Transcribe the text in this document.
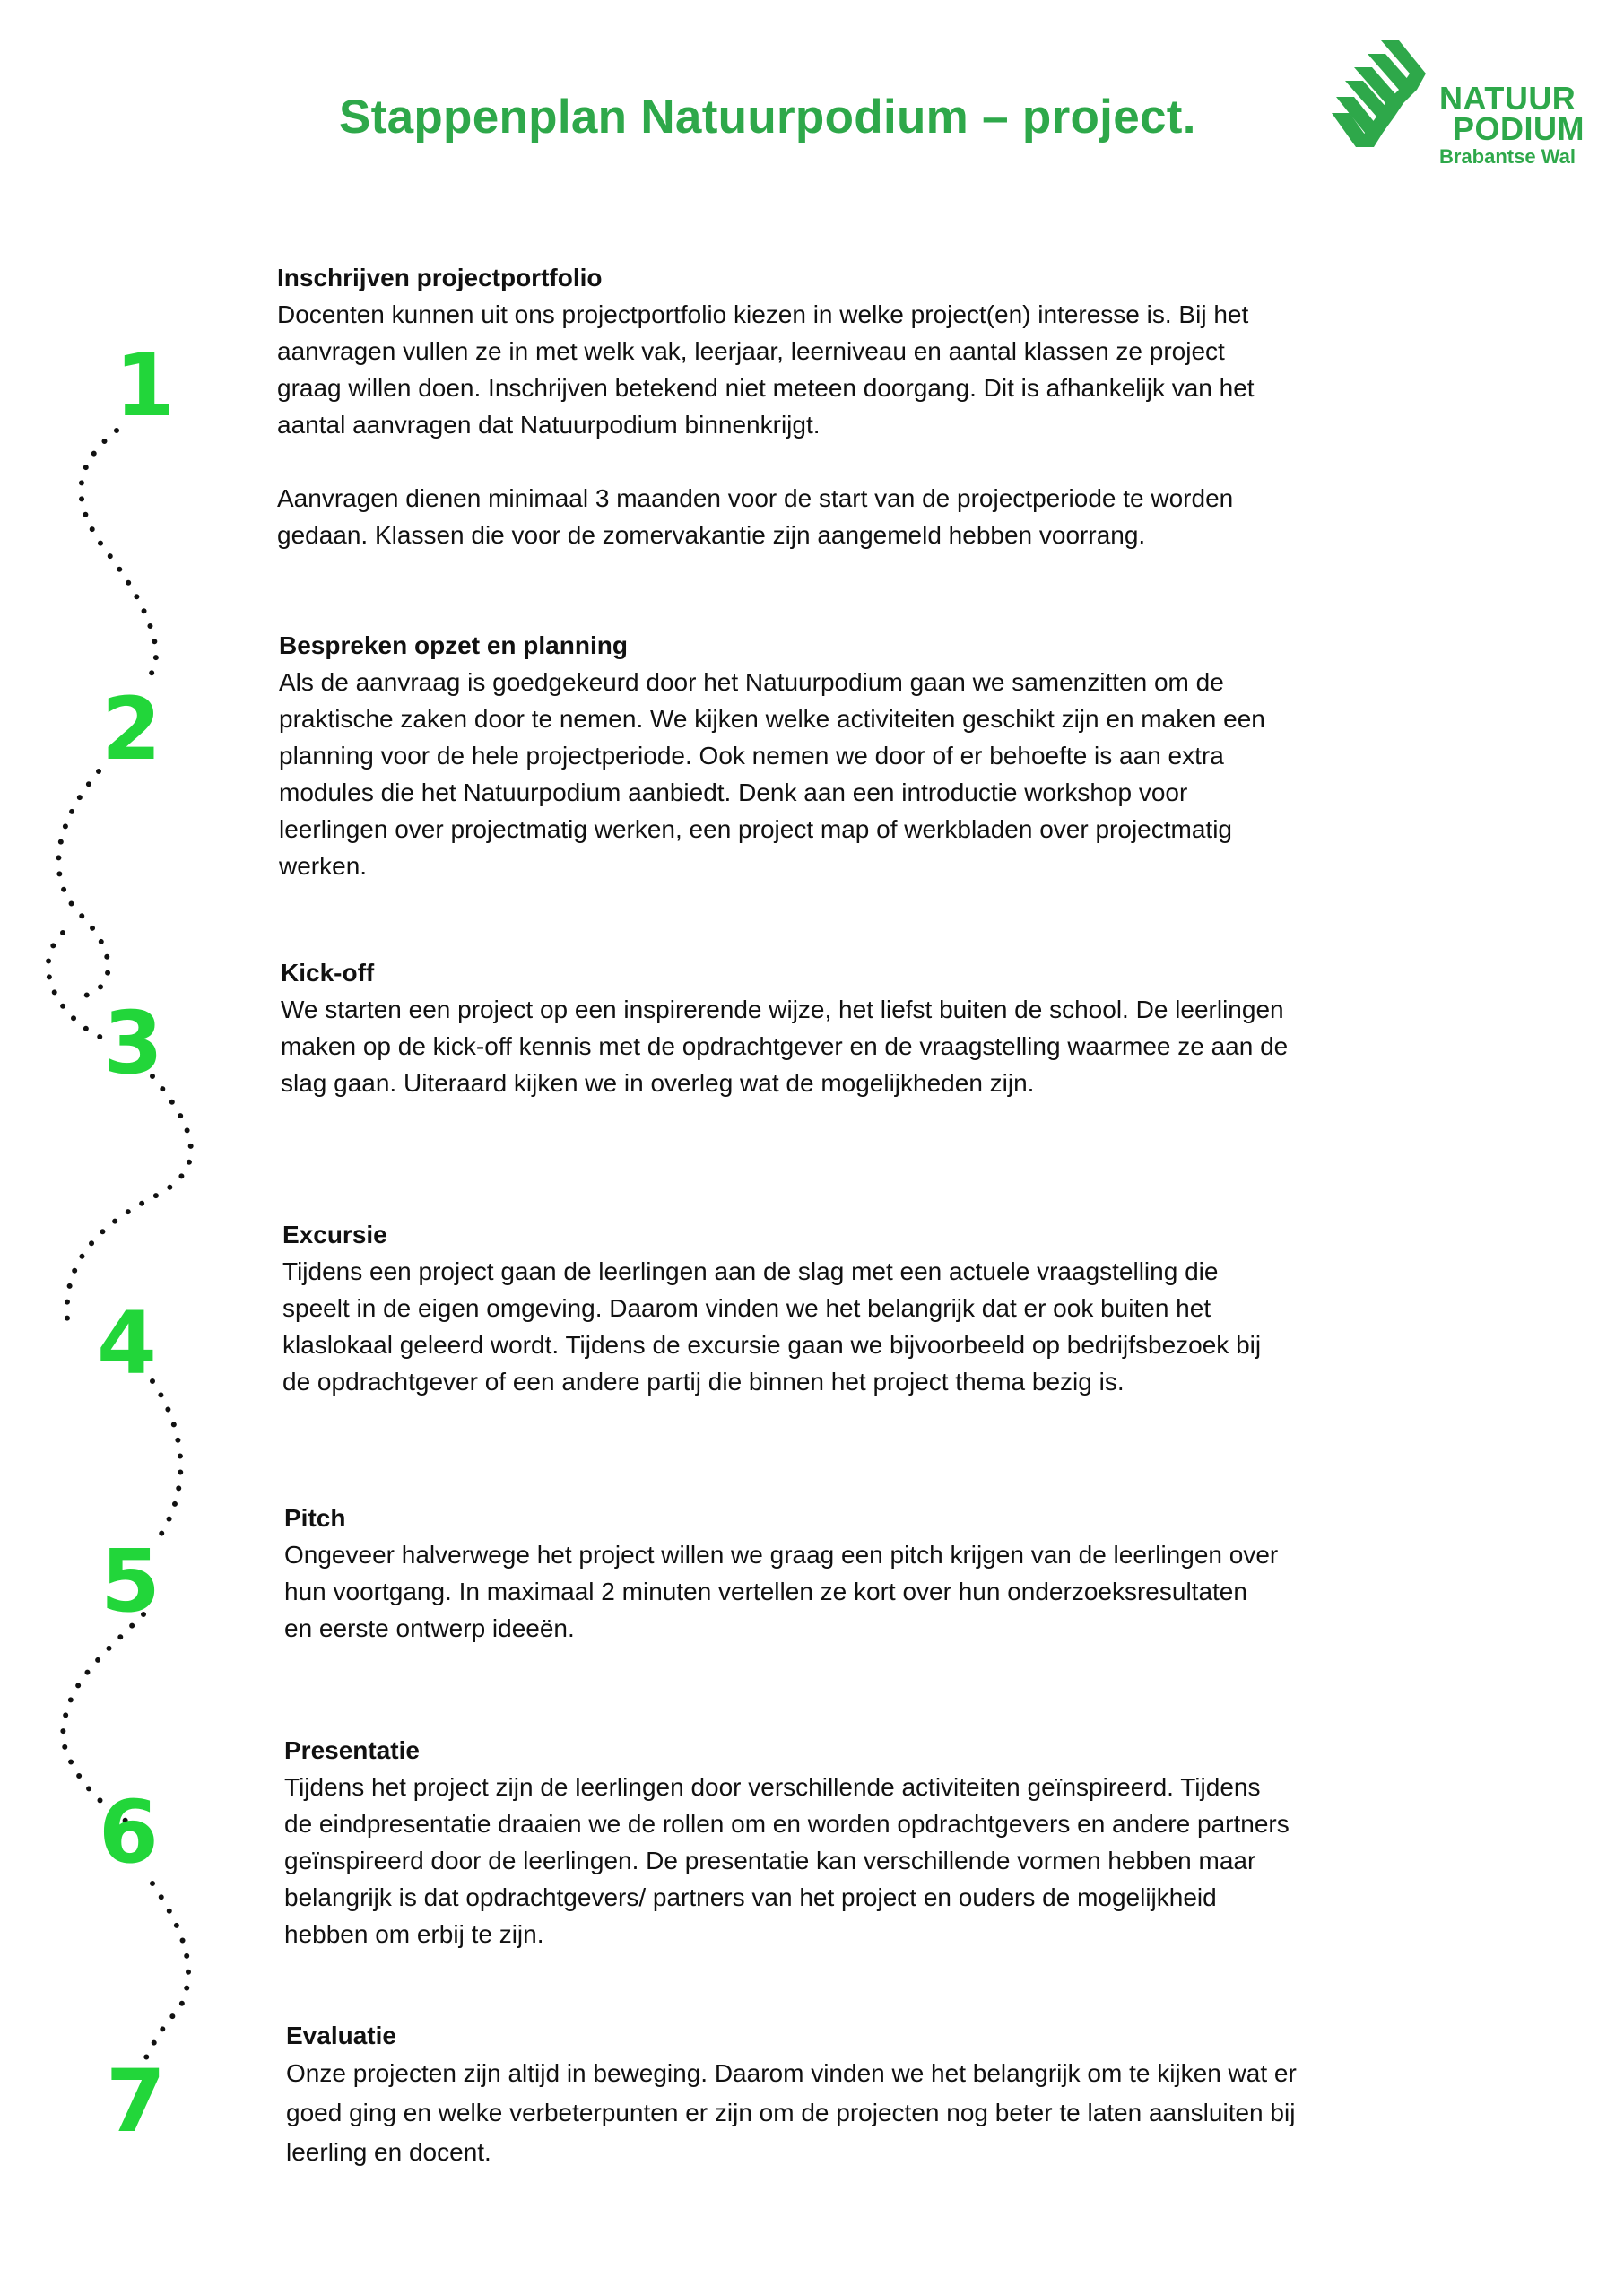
Stappenplan Natuurpodium – project.	NATUUR
PODIUM
Brabantse Wal
1
2
3
4
5
6
7

Inschrijven projectportfolio

Docenten kunnen uit ons projectportfolio kiezen in welke project(en) interesse is. Bij het
aanvragen vullen ze in met welk vak, leerjaar, leerniveau en aantal klassen ze project
graag willen doen. Inschrijven betekend niet meteen doorgang. Dit is afhankelijk van het
aantal aanvragen dat Natuurpodium binnenkrijgt.

Aanvragen dienen minimaal 3 maanden voor de start van de projectperiode te worden
gedaan. Klassen die voor de zomervakantie zijn aangemeld hebben voorrang.

Bespreken opzet en planning

Als de aanvraag is goedgekeurd door het Natuurpodium gaan we samenzitten om de
praktische zaken door te nemen. We kijken welke activiteiten geschikt zijn en maken een
planning voor de hele projectperiode. Ook nemen we door of er behoefte is aan extra
modules die het Natuurpodium aanbiedt. Denk aan een introductie workshop voor
leerlingen over projectmatig werken, een project map of werkbladen over projectmatig
werken.

Kick-off

We starten een project op een inspirerende wijze, het liefst buiten de school. De leerlingen
maken op de kick-off kennis met de opdrachtgever en de vraagstelling waarmee ze aan de
slag gaan. Uiteraard kijken we in overleg wat de mogelijkheden zijn.

Excursie

Tijdens een project gaan de leerlingen aan de slag met een actuele vraagstelling die
speelt in de eigen omgeving. Daarom vinden we het belangrijk dat er ook buiten het
klaslokaal geleerd wordt. Tijdens de excursie gaan we bijvoorbeeld op bedrijfsbezoek bij
de opdrachtgever of een andere partij die binnen het project thema bezig is.

Pitch

Ongeveer halverwege het project willen we graag een pitch krijgen van de leerlingen over
hun voortgang. In maximaal 2 minuten vertellen ze kort over hun onderzoeksresultaten
en eerste ontwerp ideeën.

Presentatie

Tijdens het project zijn de leerlingen door verschillende activiteiten geïnspireerd. Tijdens
de eindpresentatie draaien we de rollen om en worden opdrachtgevers en andere partners
geïnspireerd door de leerlingen. De presentatie kan verschillende vormen hebben maar
belangrijk is dat opdrachtgevers/ partners van het project en ouders de mogelijkheid
hebben om erbij te zijn.

Evaluatie

Onze projecten zijn altijd in beweging. Daarom vinden we het belangrijk om te kijken wat er
goed ging en welke verbeterpunten er zijn om de projecten nog beter te laten aansluiten bij
leerling en docent.
